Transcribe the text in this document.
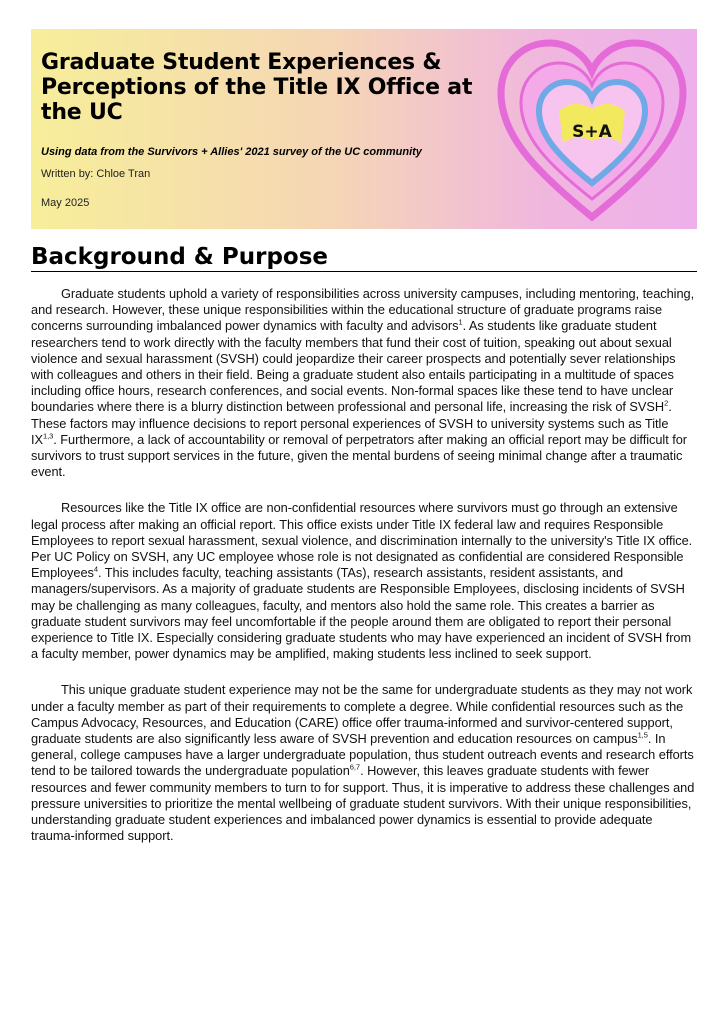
Graduate Student Experiences & Perceptions of the Title IX Office at the UC

Using data from the Survivors + Allies' 2021 survey of the UC community

Written by: Chloe Tran

May 2025

S+A
Background & Purpose

Graduate students uphold a variety of responsibilities across university campuses, including mentoring, teaching, and research. However, these unique responsibilities within the educational structure of graduate programs raise concerns surrounding imbalanced power dynamics with faculty and advisors$^1$. As students like graduate student researchers tend to work directly with the faculty members that fund their cost of tuition, speaking out about sexual violence and sexual harassment (SVSH) could jeopardize their career prospects and potentially sever relationships with colleagues and others in their field. Being a graduate student also entails participating in a multitude of spaces including office hours, research conferences, and social events. Non-formal spaces like these tend to have unclear boundaries where there is a blurry distinction between professional and personal life, increasing the risk of SVSH$^2$. These factors may influence decisions to report personal experiences of SVSH to university systems such as Title IX$^{1,3}$. Furthermore, a lack of accountability or removal of perpetrators after making an official report may be difficult for survivors to trust support services in the future, given the mental burdens of seeing minimal change after a traumatic event.

Resources like the Title IX office are non-confidential resources where survivors must go through an extensive legal process after making an official report. This office exists under Title IX federal law and requires Responsible Employees to report sexual harassment, sexual violence, and discrimination internally to the university's Title IX office. Per UC Policy on SVSH, any UC employee whose role is not designated as confidential are considered Responsible Employees$^4$. This includes faculty, teaching assistants (TAs), research assistants, resident assistants, and managers/supervisors. As a majority of graduate students are Responsible Employees, disclosing incidents of SVSH may be challenging as many colleagues, faculty, and mentors also hold the same role. This creates a barrier as graduate student survivors may feel uncomfortable if the people around them are obligated to report their personal experience to Title IX. Especially considering graduate students who may have experienced an incident of SVSH from a faculty member, power dynamics may be amplified, making students less inclined to seek support.

This unique graduate student experience may not be the same for undergraduate students as they may not work under a faculty member as part of their requirements to complete a degree. While confidential resources such as the Campus Advocacy, Resources, and Education (CARE) office offer trauma-informed and survivor-centered support, graduate students are also significantly less aware of SVSH prevention and education resources on campus$^{1,5}$. In general, college campuses have a larger undergraduate population, thus student outreach events and research efforts tend to be tailored towards the undergraduate population$^{6,7}$. However, this leaves graduate students with fewer resources and fewer community members to turn to for support. Thus, it is imperative to address these challenges and pressure universities to prioritize the mental wellbeing of graduate student survivors. With their unique responsibilities, understanding graduate student experiences and imbalanced power dynamics is essential to provide adequate trauma-informed support.
